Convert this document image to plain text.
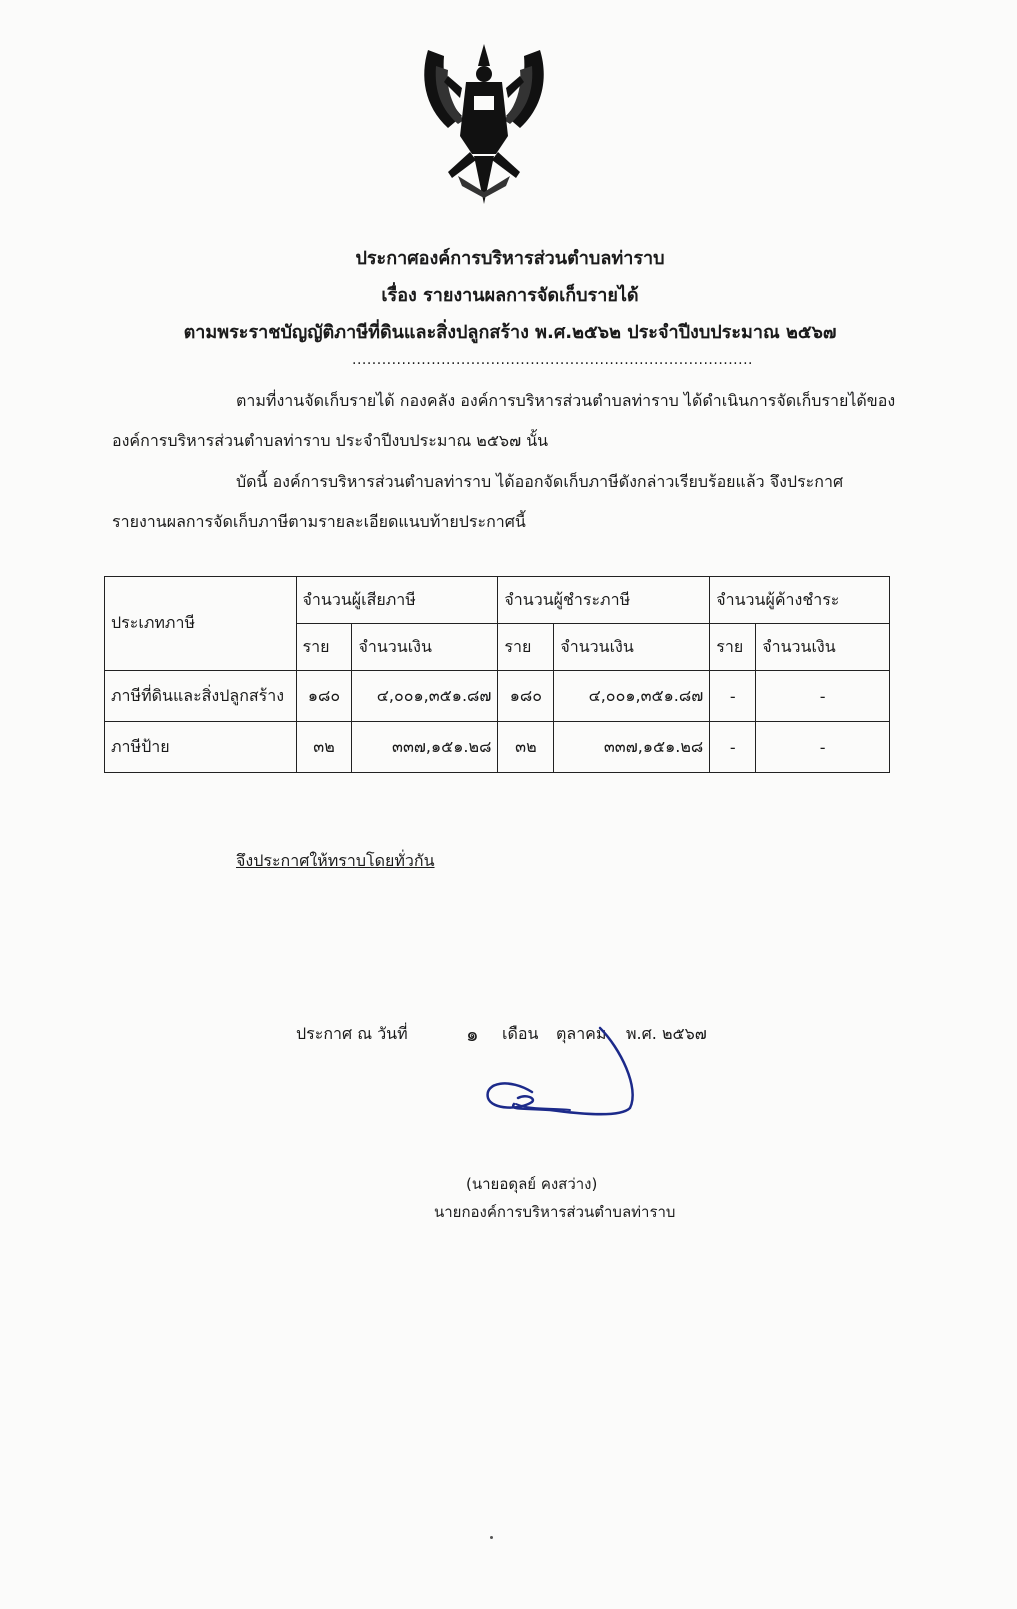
ประกาศองค์การบริหารส่วนตำบลท่าราบ
เรื่อง รายงานผลการจัดเก็บรายได้
ตามพระราชบัญญัติภาษีที่ดินและสิ่งปลูกสร้าง พ.ศ.๒๕๖๒ ประจำปีงบประมาณ ๒๕๖๗
.................................................................................
ตามที่งานจัดเก็บรายได้ กองคลัง องค์การบริหารส่วนตำบลท่าราบ ได้ดำเนินการจัดเก็บรายได้ของ
องค์การบริหารส่วนตำบลท่าราบ ประจำปีงบประมาณ ๒๕๖๗ นั้น
บัดนี้ องค์การบริหารส่วนตำบลท่าราบ ได้ออกจัดเก็บภาษีดังกล่าวเรียบร้อยแล้ว จึงประกาศ
รายงานผลการจัดเก็บภาษีตามรายละเอียดแนบท้ายประกาศนี้
ประเภทภาษี	จำนวนผู้เสียภาษี		จำนวนผู้ชำระภาษี		จำนวนผู้ค้างชำระ	
	ราย	จำนวนเงิน	ราย	จำนวนเงิน	ราย	จำนวนเงิน
ภาษีที่ดินและสิ่งปลูกสร้าง	๑๘๐	๔,๐๐๑,๓๕๑.๘๗	๑๘๐	๔,๐๐๑,๓๕๑.๘๗	-	-
ภาษีป้าย	๓๒	๓๓๗,๑๕๑.๒๘	๓๒	๓๓๗,๑๕๑.๒๘	-	-
จึงประกาศให้ทราบโดยทั่วกัน
ประกาศ ณ วันที่	๑ เดือน ตุลาคม พ.ศ. ๒๕๖๗
(นายอดุลย์ คงสว่าง)
นายกองค์การบริหารส่วนตำบลท่าราบ
